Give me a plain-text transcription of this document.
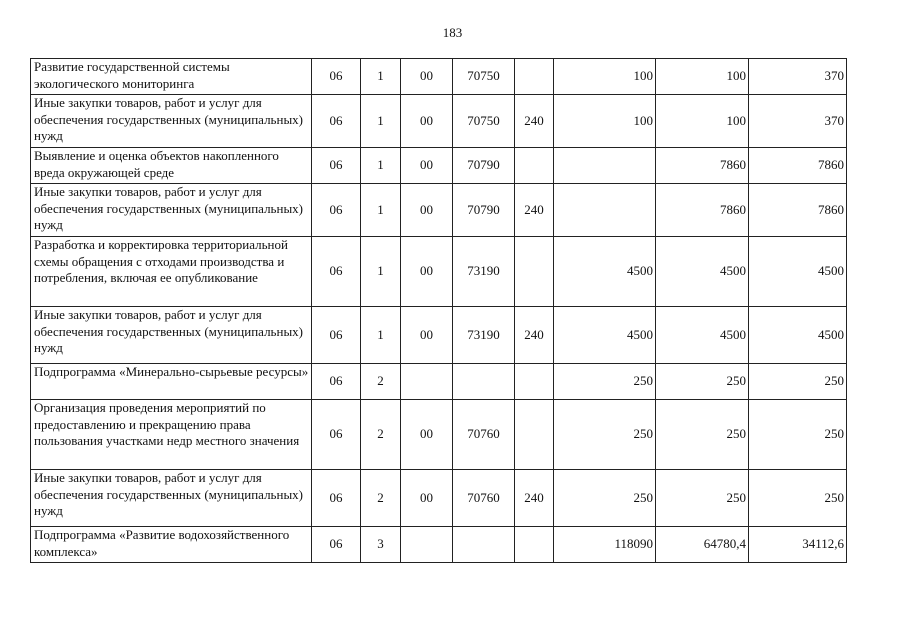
183
Развитие государственной системы экологического мониторинга	06	1	00	70750		100	100	370
Иные закупки товаров, работ и услуг для обеспечения государственных (муниципальных) нужд	06	1	00	70750	240	100	100	370
Выявление и оценка объектов накопленного вреда окружающей среде	06	1	00	70790			7860	7860
Иные закупки товаров, работ и услуг для обеспечения государственных (муниципальных) нужд	06	1	00	70790	240		7860	7860
Разработка и корректировка территориальной схемы обращения с отходами производства и потребления, включая ее опубликование	06	1	00	73190		4500	4500	4500
Иные закупки товаров, работ и услуг для обеспечения государственных (муниципальных) нужд	06	1	00	73190	240	4500	4500	4500
Подпрограмма «Минерально-сырьевые ресурсы»	06	2				250	250	250
Организация проведения мероприятий по предоставлению и прекращению права пользования участками недр местного значения	06	2	00	70760		250	250	250
Иные закупки товаров, работ и услуг для обеспечения государственных (муниципальных) нужд	06	2	00	70760	240	250	250	250
Подпрограмма «Развитие водохозяйственного комплекса»	06	3				118090	64780,4	34112,6
